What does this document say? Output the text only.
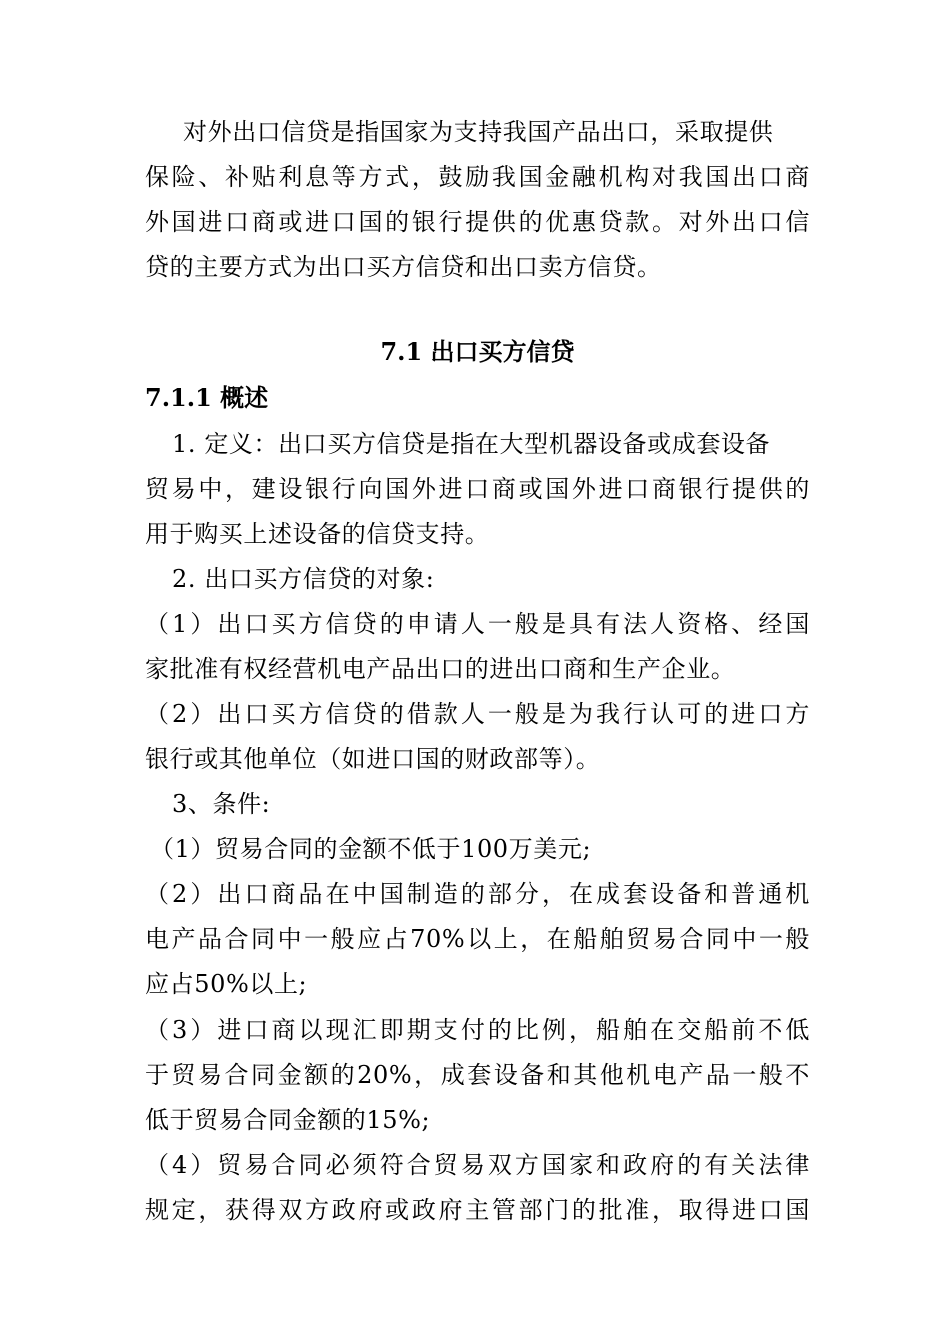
对外出口信贷是指国家为支持我国产品出口，采取提供
保险、补贴利息等方式，鼓励我国金融机构对我国出口商
外国进口商或进口国的银行提供的优惠贷款。对外出口信
贷的主要方式为出口买方信贷和出口卖方信贷。
7.1 出口买方信贷
7.1.1 概述
1. 定义：出口买方信贷是指在大型机器设备或成套设备
贸易中，建设银行向国外进口商或国外进口商银行提供的
用于购买上述设备的信贷支持。
2. 出口买方信贷的对象:
（1）出口买方信贷的申请人一般是具有法人资格、经国
家批准有权经营机电产品出口的进出口商和生产企业。
（2）出口买方信贷的借款人一般是为我行认可的进口方
银行或其他单位（如进口国的财政部等）。
3、条件:
（1）贸易合同的金额不低于100万美元;
（2）出口商品在中国制造的部分，在成套设备和普通机
电产品合同中一般应占70%以上，在船舶贸易合同中一般
应占50%以上;
（3）进口商以现汇即期支付的比例，船舶在交船前不低
于贸易合同金额的20%，成套设备和其他机电产品一般不
低于贸易合同金额的15%;
（4）贸易合同必须符合贸易双方国家和政府的有关法律
规定，获得双方政府或政府主管部门的批准，取得进口国
